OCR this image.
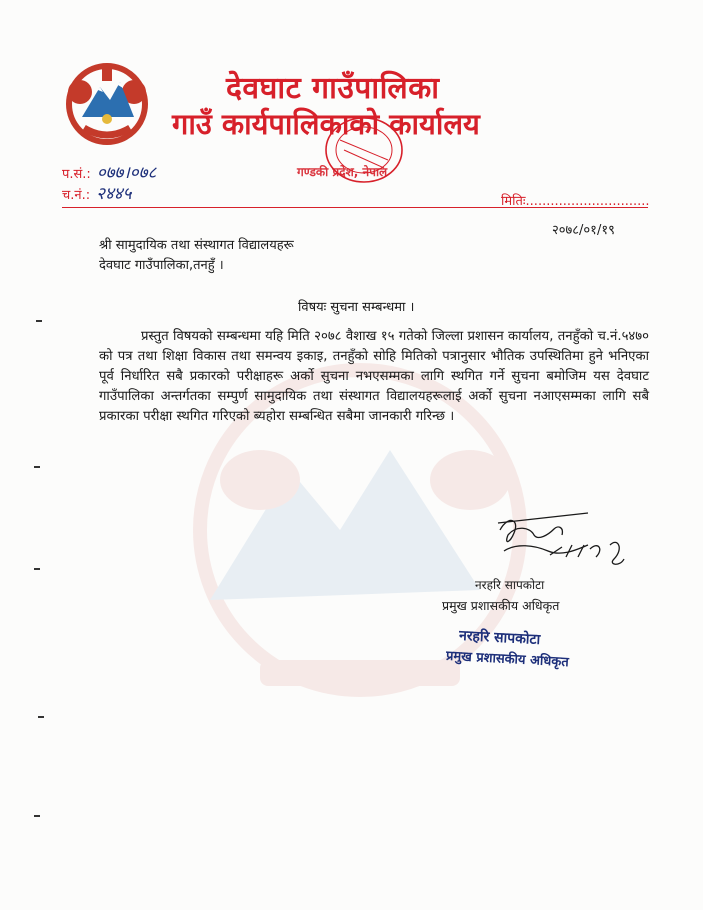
देवघाट गाउँपालिका
गाउँ कार्यपालिकाको कार्यालय
गण्डकी प्रदेश, नेपाल
प.सं.: ०७७।०७८
च.नं.: २४४५	मितिः..............................
२०७८/०१/१९
श्री सामुदायिक तथा संस्थागत विद्यालयहरू
देवघाट गाउँपालिका,तनहुँ ।
विषयः सुचना सम्बन्धमा ।
प्रस्तुत विषयको सम्बन्धमा यहि मिति २०७८ वैशाख १५ गतेको जिल्ला प्रशासन कार्यालय, तनहुँको च.नं.५४७० को पत्र तथा शिक्षा विकास तथा समन्वय इकाइ, तनहुँको सोहि मितिको पत्रानुसार भौतिक उपस्थितिमा हुने भनिएका पूर्व निर्धारित सबै प्रकारको परीक्षाहरू अर्को सुचना नभएसम्मका लागि स्थगित गर्ने सुचना बमोजिम यस देवघाट गाउँपालिका अन्तर्गतका सम्पुर्ण सामुदायिक तथा संस्थागत विद्यालयहरूलाई अर्को सुचना नआएसम्मका लागि सबै प्रकारका परीक्षा स्थगित गरिएको ब्यहोरा सम्बन्धित सबैमा जानकारी गरिन्छ ।
नरहरि सापकोटा
प्रमुख प्रशासकीय अधिकृत
नरहरि सापकोटा
प्रमुख प्रशासकीय अधिकृत
